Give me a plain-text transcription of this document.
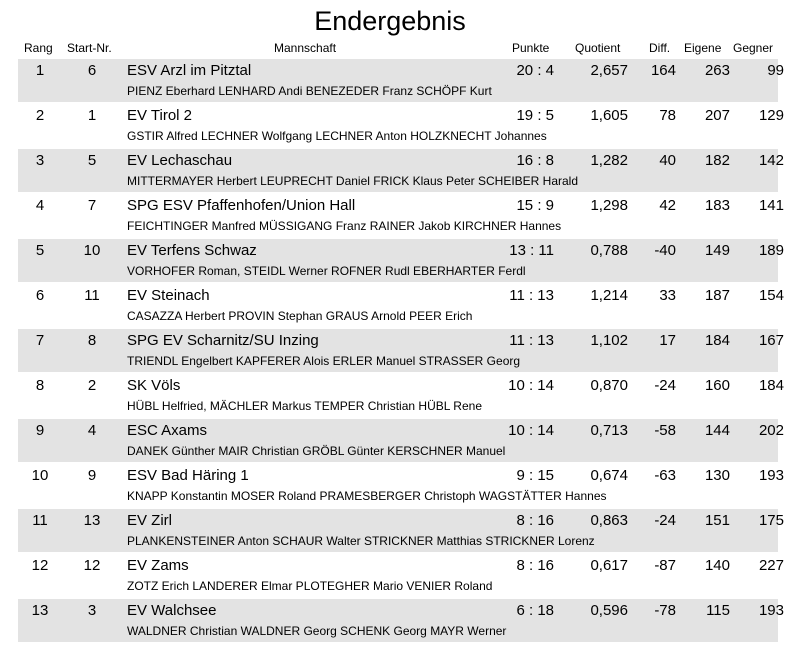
Endergebnis
Rang Start-Nr.	Mannschaft	Punkte Quotient Diff. Eigene Gegner
1	6	ESV Arzl im Pitztal	20 : 4	2,657	164	263	99
PIENZ Eberhard LENHARD Andi BENEZEDER Franz SCHÖPF Kurt
2	1	EV Tirol 2	19 : 5	1,605	78	207	129
GSTIR Alfred LECHNER Wolfgang LECHNER Anton HOLZKNECHT Johannes
3	5	EV Lechaschau	16 : 8	1,282	40	182	142
MITTERMAYER Herbert LEUPRECHT Daniel FRICK Klaus Peter SCHEIBER Harald
4	7	SPG ESV Pfaffenhofen/Union Hall	15 : 9	1,298	42	183	141
FEICHTINGER Manfred MÜSSIGANG Franz RAINER Jakob KIRCHNER Hannes
5	10	EV Terfens Schwaz	13 : 11	0,788	-40	149	189
VORHOFER Roman, STEIDL Werner ROFNER Rudl EBERHARTER Ferdl
6	11	EV Steinach	11 : 13	1,214	33	187	154
CASAZZA Herbert PROVIN Stephan GRAUS Arnold PEER Erich
7	8	SPG EV Scharnitz/SU Inzing	11 : 13	1,102	17	184	167
TRIENDL Engelbert KAPFERER Alois ERLER Manuel STRASSER Georg
8	2	SK Völs	10 : 14	0,870	-24	160	184
HÜBL Helfried, MÄCHLER Markus TEMPER Christian HÜBL Rene
9	4	ESC Axams	10 : 14	0,713	-58	144	202
DANEK Günther MAIR Christian GRÖBL Günter KERSCHNER Manuel
10	9	ESV Bad Häring 1	9 : 15	0,674	-63	130	193
KNAPP Konstantin MOSER Roland PRAMESBERGER Christoph WAGSTÄTTER Hannes
11	13	EV Zirl	8 : 16	0,863	-24	151	175
PLANKENSTEINER Anton SCHAUR Walter STRICKNER Matthias STRICKNER Lorenz
12	12	EV Zams	8 : 16	0,617	-87	140	227
ZOTZ Erich LANDERER Elmar PLOTEGHER Mario VENIER Roland
13	3	EV Walchsee	6 : 18	0,596	-78	115	193
WALDNER Christian WALDNER Georg SCHENK Georg MAYR Werner
